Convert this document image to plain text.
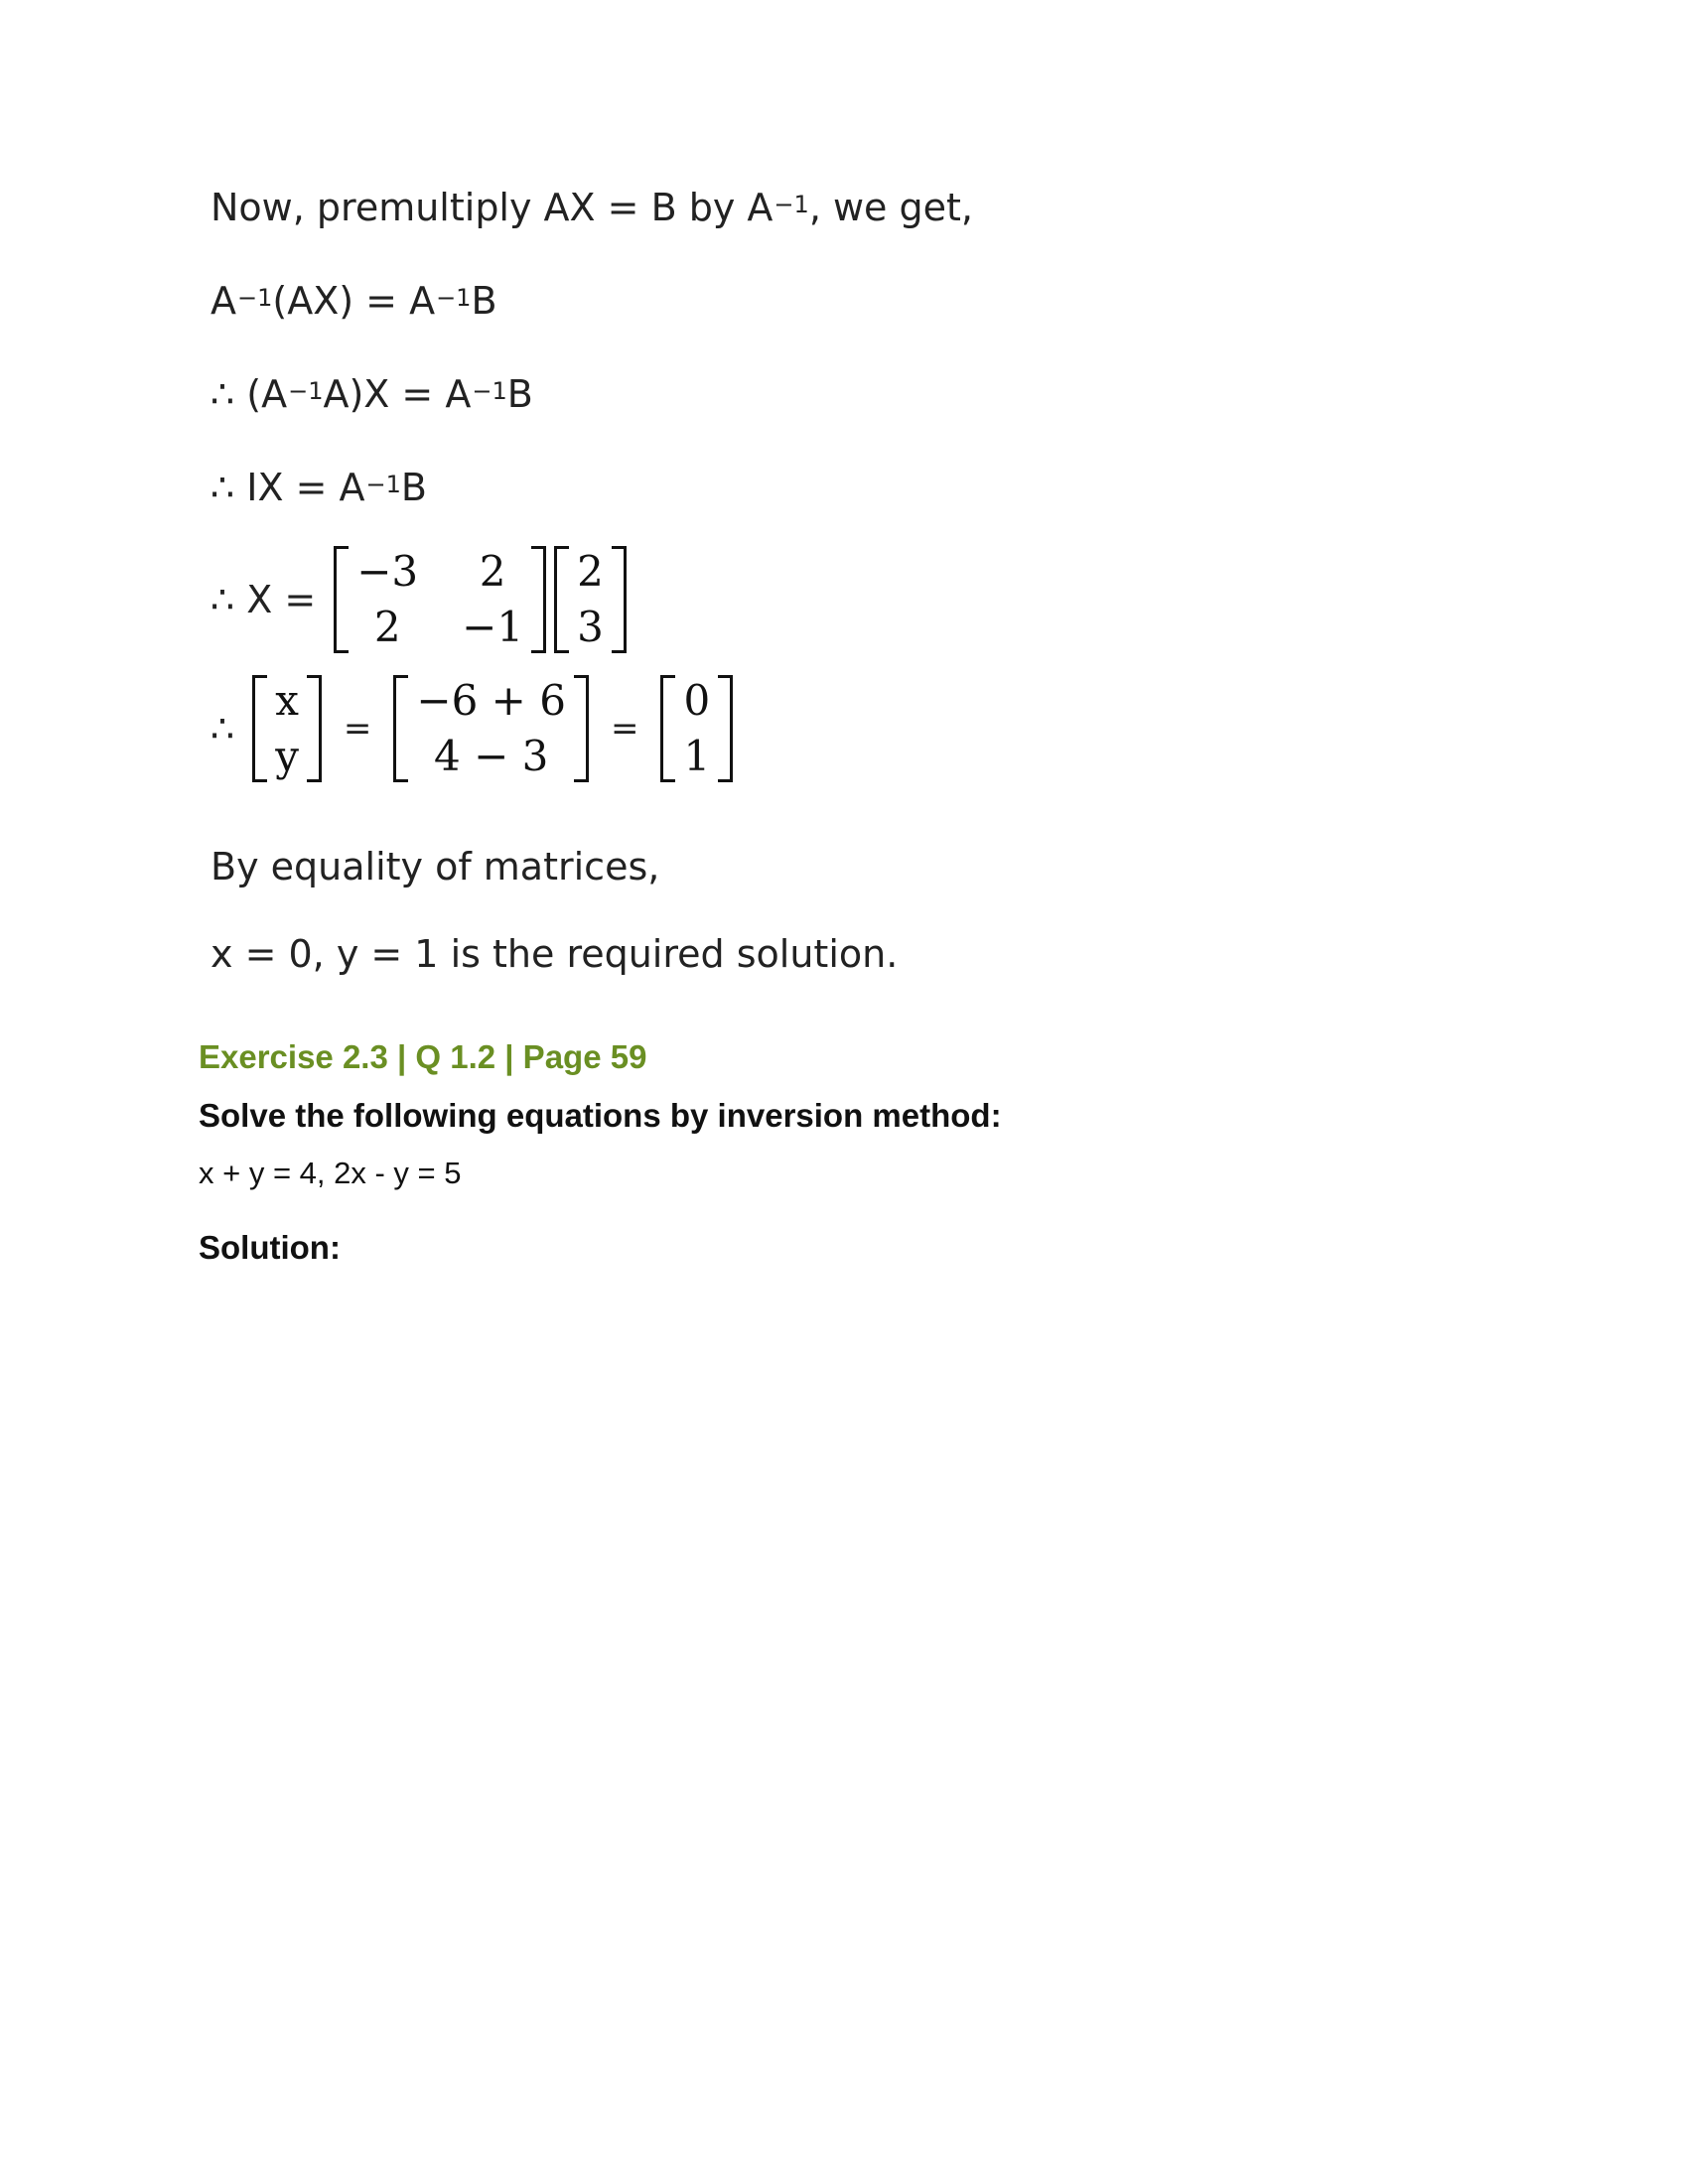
Now, premultiply AX = B by $A^{-1}$, we get,
$A^{-1}(AX) = A^{-1}B$
∴ $(A^{-1}A)X = A^{-1}B$
∴ IX = $A^{-1}B$
∴ X =
−3 2
2 −1
2
3
∴
x
y
=
−6 + 6
4 − 3
=
0
1
By equality of matrices,
x = 0, y = 1 is the required solution.
Exercise 2.3 | Q 1.2 | Page 59
Solve the following equations by inversion method:
x + y = 4, 2x - y = 5
Solution:
